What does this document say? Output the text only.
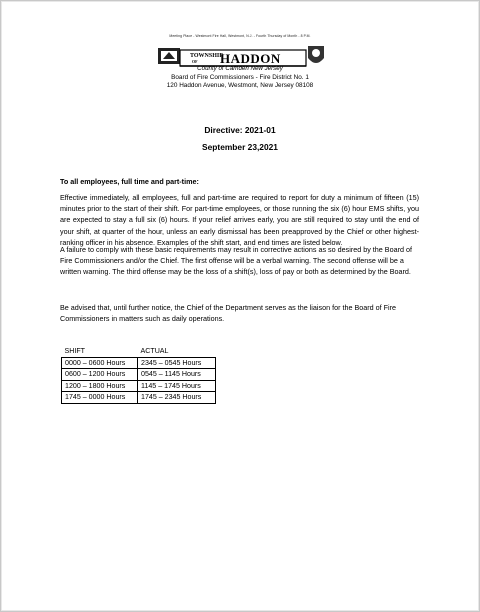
Meeting Place - Westmont Fire Hall, Westmont, N.J. - Fourth Thursday of Month - 8 P.M.
TOWNSHIP
OF HADDON
County of Camden New Jersey
Board of Fire Commissioners - Fire District No. 1
120 Haddon Avenue, Westmont, New Jersey 08108
Directive: 2021-01
September 23,2021
To all employees, full time and part-time:
Effective immediately, all employees, full and part-time are required to report for duty a minimum of fifteen (15) minutes prior to the start of their shift. For part-time employees, or those running the six (6) hour EMS shifts, you are expected to stay a full six (6) hours. If your relief arrives early, you are still required to stay until the end of your shift, at quarter of the hour, unless an early dismissal has been preapproved by the Chief or other highest-ranking officer in his absence. Examples of the shift start, and end times are listed below.
A failure to comply with these basic requirements may result in corrective actions as so desired by the Board of Fire Commissioners and/or the Chief. The first offense will be a verbal warning. The second offense will be a written warning. The third offense may be the loss of a shift(s), loss of pay or both as determined by the Board.
Be advised that, until further notice, the Chief of the Department serves as the liaison for the Board of Fire Commissioners in matters such as daily operations.
SHIFT	ACTUAL
0000 – 0600 Hours	2345 – 0545 Hours
0600 – 1200 Hours	0545 – 1145 Hours
1200 – 1800 Hours	1145 – 1745 Hours
1745 – 0000 Hours	1745 – 2345 Hours
